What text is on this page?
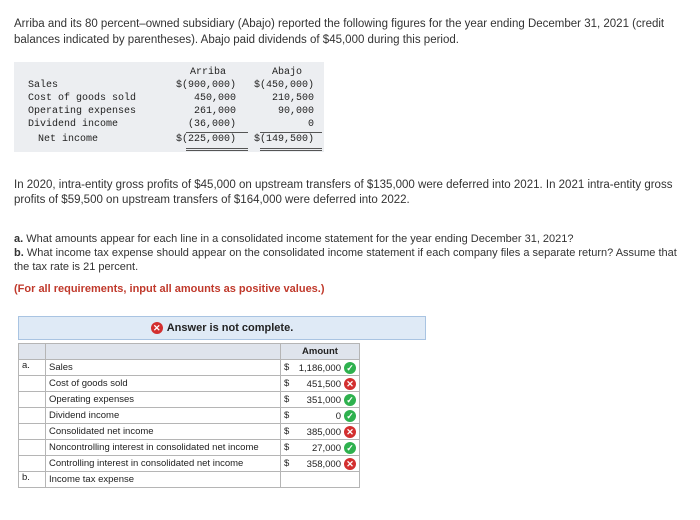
Arriba and its 80 percent–owned subsidiary (Abajo) reported the following figures for the year ending December 31, 2021 (credit balances indicated by parentheses). Abajo paid dividends of $45,000 during this period.
Arriba	Abajo
Sales	$(900,000) $(450,000)
Cost of goods sold	450,000	210,500
Operating expenses	261,000	90,000
Dividend income	(36,000)	0
Net income	$(225,000) $(149,500)
In 2020, intra-entity gross profits of $45,000 on upstream transfers of $135,000 were deferred into 2021. In 2021 intra-entity gross profits of $59,500 on upstream transfers of $164,000 were deferred into 2022.
a. What amounts appear for each line in a consolidated income statement for the year ending December 31, 2021?
b. What income tax expense should appear on the consolidated income statement if each company files a separate return? Assume that the tax rate is 21 percent.
(For all requirements, input all amounts as positive values.)
✕ Answer is not complete.
		Amount
a.	Sales	$ 1,186,000 ✓
	Cost of goods sold	$ 451,500 ✕
	Operating expenses	$ 351,000 ✓
	Dividend income	$ 0 ✓
	Consolidated net income	$ 385,000 ✕
	Noncontrolling interest in consolidated net income	$ 27,000 ✓
	Controlling interest in consolidated net income	$ 358,000 ✕
b.	Income tax expense	
